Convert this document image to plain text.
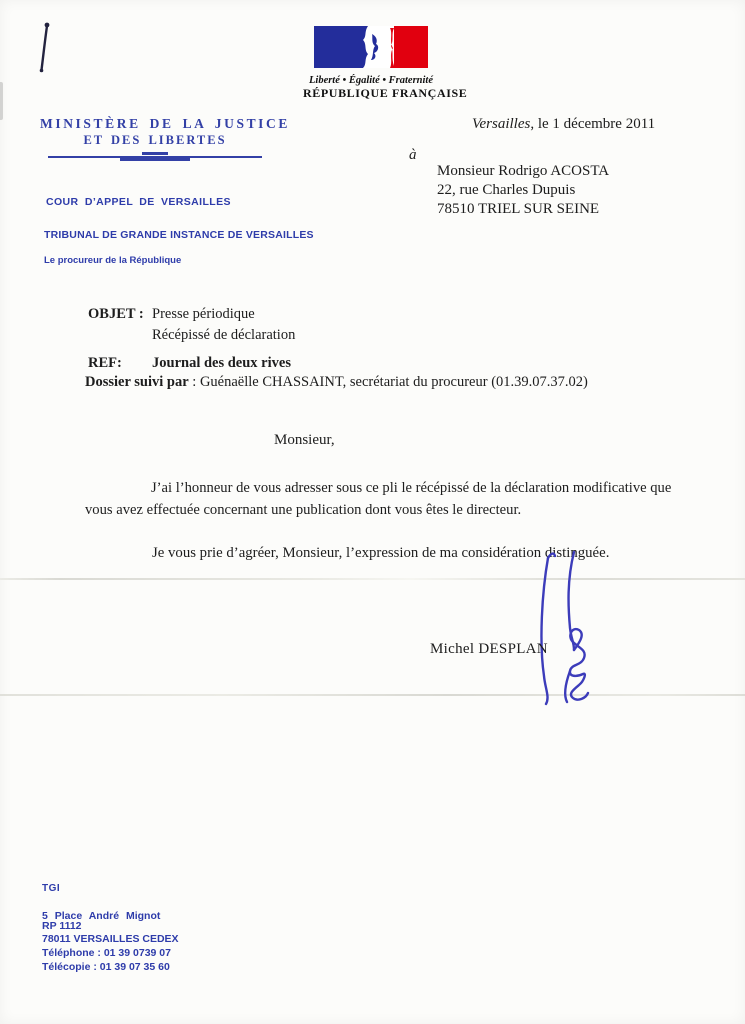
Liberté • Égalité • Fraternité
RÉPUBLIQUE FRANÇAISE
MINISTÈRE DE LA JUSTICE
ET DES LIBERTES
COUR D’APPEL DE VERSAILLES
TRIBUNAL DE GRANDE INSTANCE DE VERSAILLES
Le procureur de la République
Versailles, le 1 décembre 2011
à
Monsieur Rodrigo ACOSTA
22, rue Charles Dupuis
78510 TRIEL SUR SEINE
OBJET : Presse périodique
Récépissé de déclaration
REF: Journal des deux rives
Dossier suivi par : Guénaëlle CHASSAINT, secrétariat du procureur (01.39.07.37.02)
Monsieur,
J’ai l’honneur de vous adresser sous ce pli le récépissé de la déclaration modificative que vous avez effectuée concernant une publication dont vous êtes le directeur.
Je vous prie d’agréer, Monsieur, l’expression de ma considération distinguée.
Michel DESPLAN
TGI
5 Place André Mignot
RP 1112
78011 VERSAILLES CEDEX
Téléphone : 01 39 0739 07
Télécopie : 01 39 07 35 60
